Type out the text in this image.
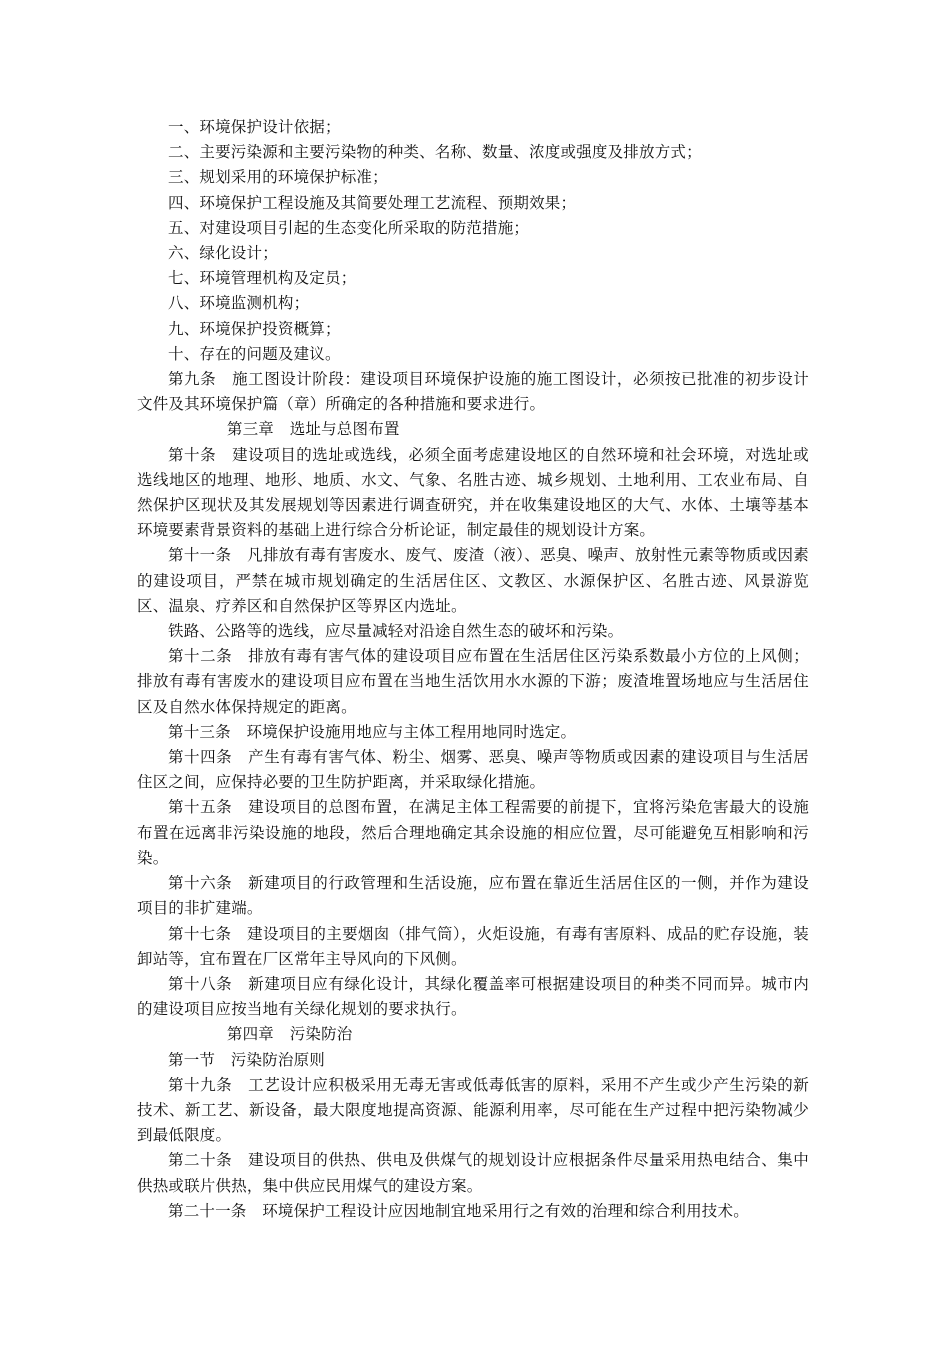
一、环境保护设计依据；

二、主要污染源和主要污染物的种类、名称、数量、浓度或强度及排放方式；

三、规划采用的环境保护标准；

四、环境保护工程设施及其简要处理工艺流程、预期效果；

五、对建设项目引起的生态变化所采取的防范措施；

六、绿化设计；

七、环境管理机构及定员；

八、环境监测机构；

九、环境保护投资概算；

十、存在的问题及建议。

第九条　施工图设计阶段：建设项目环境保护设施的施工图设计，必须按已批准的初步设计文件及其环境保护篇（章）所确定的各种措施和要求进行。

第三章　选址与总图布置

第十条　建设项目的选址或选线，必须全面考虑建设地区的自然环境和社会环境，对选址或选线地区的地理、地形、地质、水文、气象、名胜古迹、城乡规划、土地利用、工农业布局、自然保护区现状及其发展规划等因素进行调查研究，并在收集建设地区的大气、水体、土壤等基本环境要素背景资料的基础上进行综合分析论证，制定最佳的规划设计方案。

第十一条　凡排放有毒有害废水、废气、废渣（液）、恶臭、噪声、放射性元素等物质或因素的建设项目，严禁在城市规划确定的生活居住区、文教区、水源保护区、名胜古迹、风景游览区、温泉、疗养区和自然保护区等界区内选址。

铁路、公路等的选线，应尽量减轻对沿途自然生态的破坏和污染。

第十二条　排放有毒有害气体的建设项目应布置在生活居住区污染系数最小方位的上风侧；排放有毒有害废水的建设项目应布置在当地生活饮用水水源的下游；废渣堆置场地应与生活居住区及自然水体保持规定的距离。

第十三条　环境保护设施用地应与主体工程用地同时选定。

第十四条　产生有毒有害气体、粉尘、烟雾、恶臭、噪声等物质或因素的建设项目与生活居住区之间，应保持必要的卫生防护距离，并采取绿化措施。

第十五条　建设项目的总图布置，在满足主体工程需要的前提下，宜将污染危害最大的设施布置在远离非污染设施的地段，然后合理地确定其余设施的相应位置，尽可能避免互相影响和污染。

第十六条　新建项目的行政管理和生活设施，应布置在靠近生活居住区的一侧，并作为建设项目的非扩建端。

第十七条　建设项目的主要烟囱（排气筒），火炬设施，有毒有害原料、成品的贮存设施，装卸站等，宜布置在厂区常年主导风向的下风侧。

第十八条　新建项目应有绿化设计，其绿化覆盖率可根据建设项目的种类不同而异。城市内的建设项目应按当地有关绿化规划的要求执行。

第四章　污染防治

第一节　污染防治原则

第十九条　工艺设计应积极采用无毒无害或低毒低害的原料，采用不产生或少产生污染的新技术、新工艺、新设备，最大限度地提高资源、能源利用率，尽可能在生产过程中把污染物减少到最低限度。

第二十条　建设项目的供热、供电及供煤气的规划设计应根据条件尽量采用热电结合、集中供热或联片供热，集中供应民用煤气的建设方案。

第二十一条　环境保护工程设计应因地制宜地采用行之有效的治理和综合利用技术。
